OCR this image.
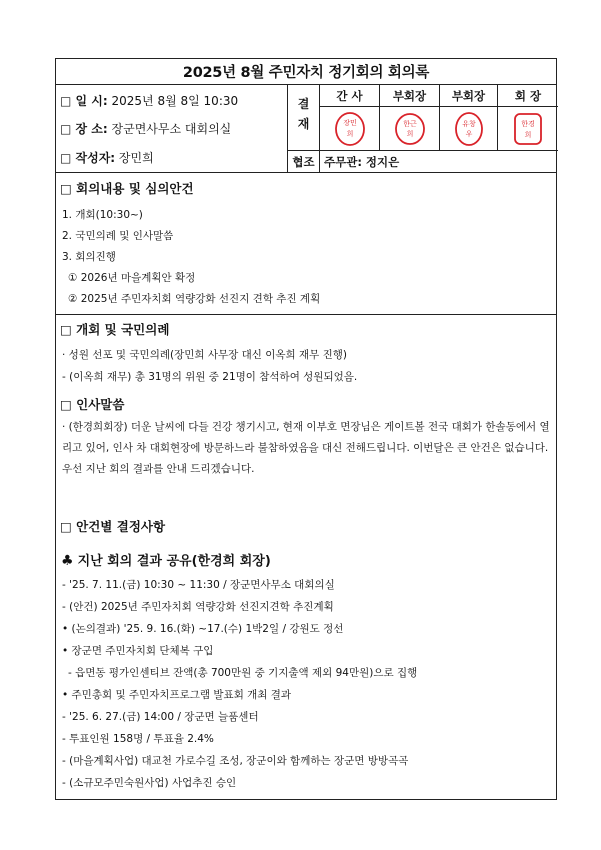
2025년 8월 주민자치 정기회의 회의록
□ 일 시: 2025년 8월 8일 10:30
□ 장 소: 장군면사무소 대회의실
□ 작성자: 장민희
결
재
간 사	부회장	부회장	회 장
장민
희
한근
희
유창
우
한경
희
협조 주무관: 정지은
□ 회의내용 및 심의안건
1. 개회(10:30~)
2. 국민의례 및 인사말씀
3. 회의진행
① 2026년 마을계획안 확정
② 2025년 주민자치회 역량강화 선진지 견학 추진 계획
□ 개회 및 국민의례
· 성원 선포 및 국민의례(장민희 사무장 대신 이옥희 재무 진행)
- (이옥희 재무) 총 31명의 위원 중 21명이 참석하여 성원되었음.
□ 인사말씀
· (한경희회장) 더운 날씨에 다들 건강 챙기시고, 현재 이부호 면장님은 게이트볼 전국 대회가 한솔동에서 열리고 있어, 인사 차 대회현장에 방문하느라 불참하였음을 대신 전해드립니다. 이번달은 큰 안건은 없습니다. 우선 지난 회의 결과를 안내 드리겠습니다.
□ 안건별 결정사항
♣ 지난 회의 결과 공유(한경희 회장)
- '25. 7. 11.(금) 10:30 ~ 11:30 / 장군면사무소 대회의실
- (안건) 2025년 주민자치회 역량강화 선진지견학 추진계획
• (논의결과) '25. 9. 16.(화) ~17.(수) 1박2일 / 강원도 정선
• 장군면 주민자치회 단체복 구입
- 읍면동 평가인센티브 잔액(총 700만원 중 기지출액 제외 94만원)으로 집행
• 주민총회 및 주민자치프로그램 발표회 개최 결과
- '25. 6. 27.(금) 14:00 / 장군면 늘품센터
- 투표인원 158명 / 투표율 2.4%
- (마을계획사업) 대교천 가로수길 조성, 장군이와 함께하는 장군면 방방곡곡
- (소규모주민숙원사업) 사업추진 승인
